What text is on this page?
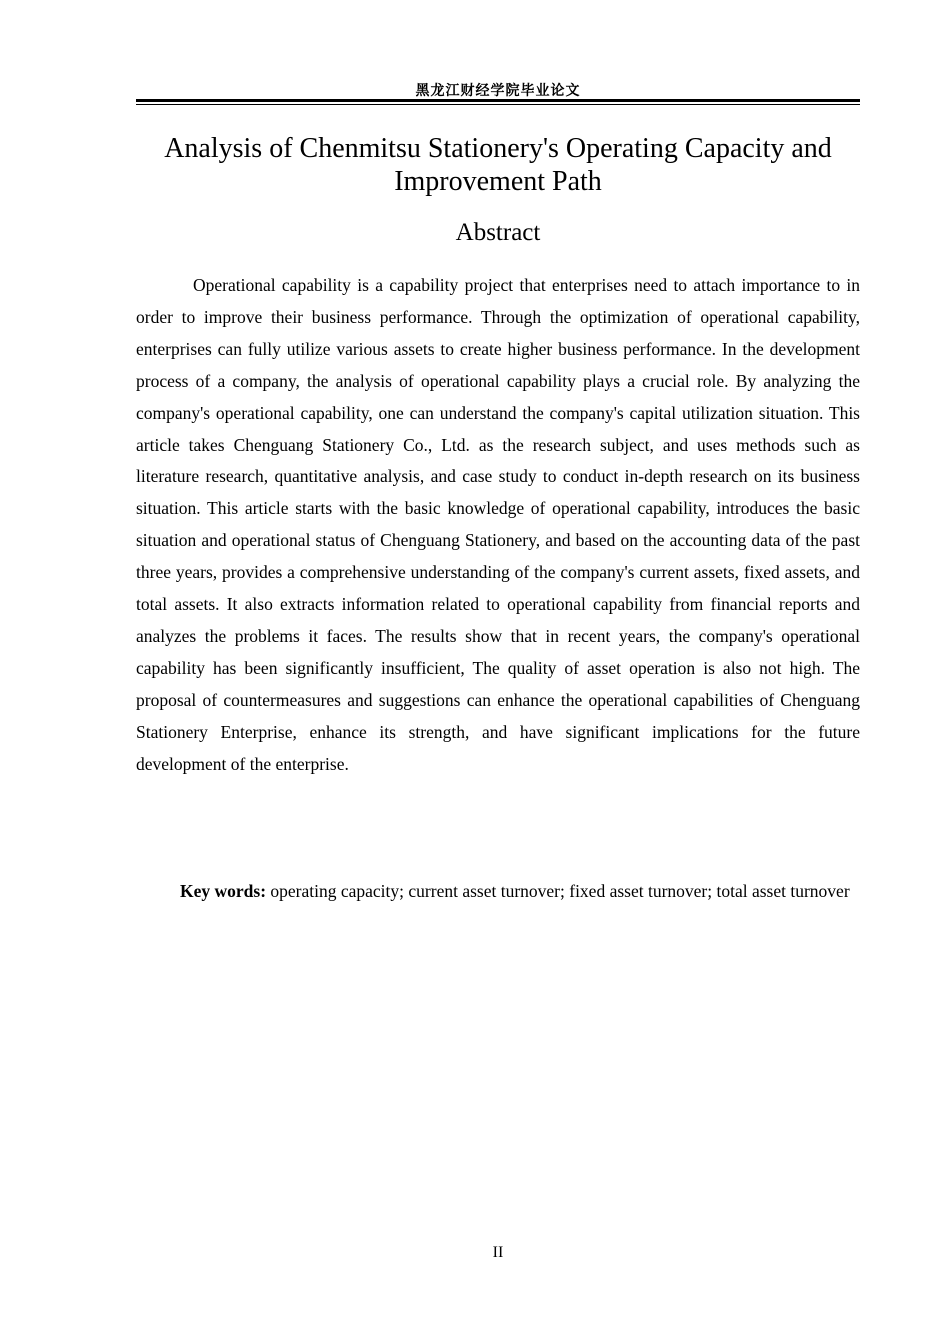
黑龙江财经学院毕业论文
Analysis of Chenmitsu Stationery's Operating Capacity and Improvement Path
Abstract

Operational capability is a capability project that enterprises need to attach importance to in order to improve their business performance. Through the optimization of operational capability, enterprises can fully utilize various assets to create higher business performance. In the development process of a company, the analysis of operational capability plays a crucial role. By analyzing the company's operational capability, one can understand the company's capital utilization situation. This article takes Chenguang Stationery Co., Ltd. as the research subject, and uses methods such as literature research, quantitative analysis, and case study to conduct in-depth research on its business situation. This article starts with the basic knowledge of operational capability, introduces the basic situation and operational status of Chenguang Stationery, and based on the accounting data of the past three years, provides a comprehensive understanding of the company's current assets, fixed assets, and total assets. It also extracts information related to operational capability from financial reports and analyzes the problems it faces. The results show that in recent years, the company's operational capability has been significantly insufficient, The quality of asset operation is also not high. The proposal of countermeasures and suggestions can enhance the operational capabilities of Chenguang Stationery Enterprise, enhance its strength, and have significant implications for the future development of the enterprise.

Key words: operating capacity; current asset turnover; fixed asset turnover; total asset turnover

II
